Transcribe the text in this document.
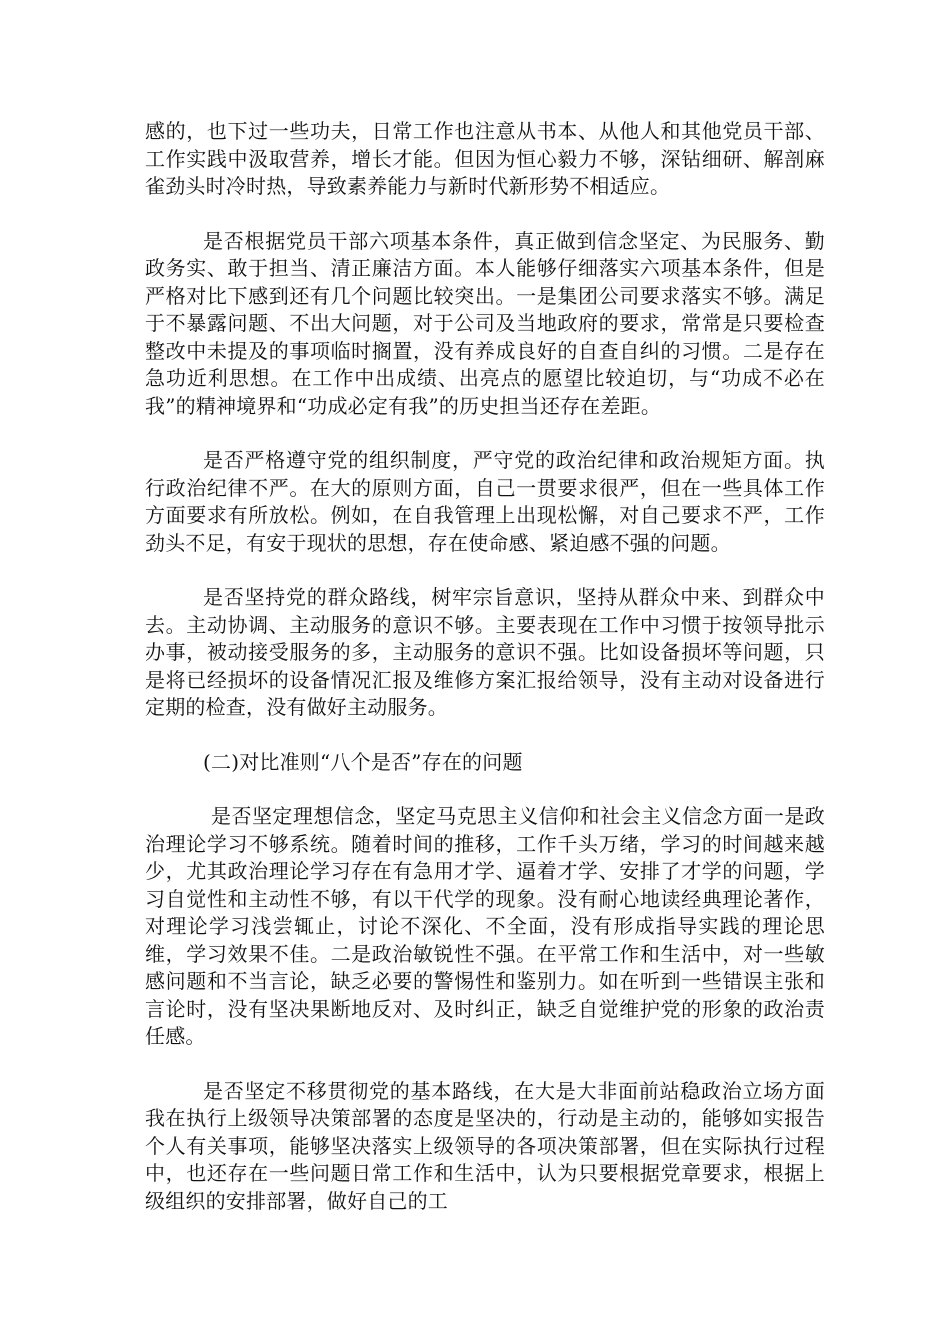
感的，也下过一些功夫，日常工作也注意从书本、从他人和其他党员干部、工作实践中汲取营养，增长才能。但因为恒心毅力不够，深钻细研、解剖麻雀劲头时冷时热，导致素养能力与新时代新形势不相适应。

是否根据党员干部六项基本条件，真正做到信念坚定、为民服务、勤政务实、敢于担当、清正廉洁方面。本人能够仔细落实六项基本条件，但是严格对比下感到还有几个问题比较突出。一是集团公司要求落实不够。满足于不暴露问题、不出大问题，对于公司及当地政府的要求，常常是只要检查整改中未提及的事项临时搁置，没有养成良好的自查自纠的习惯。二是存在急功近利思想。在工作中出成绩、出亮点的愿望比较迫切，与“功成不必在我”的精神境界和“功成必定有我”的历史担当还存在差距。

是否严格遵守党的组织制度，严守党的政治纪律和政治规矩方面。执行政治纪律不严。在大的原则方面，自己一贯要求很严，但在一些具体工作方面要求有所放松。例如，在自我管理上出现松懈，对自己要求不严，工作劲头不足，有安于现状的思想，存在使命感、紧迫感不强的问题。

是否坚持党的群众路线，树牢宗旨意识，坚持从群众中来、到群众中去。主动协调、主动服务的意识不够。主要表现在工作中习惯于按领导批示办事，被动接受服务的多，主动服务的意识不强。比如设备损坏等问题，只是将已经损坏的设备情况汇报及维修方案汇报给领导，没有主动对设备进行定期的检查，没有做好主动服务。

(二)对比准则“八个是否”存在的问题

是否坚定理想信念，坚定马克思主义信仰和社会主义信念方面一是政治理论学习不够系统。随着时间的推移，工作千头万绪，学习的时间越来越少，尤其政治理论学习存在有急用才学、逼着才学、安排了才学的问题，学习自觉性和主动性不够，有以干代学的现象。没有耐心地读经典理论著作，对理论学习浅尝辄止，讨论不深化、不全面，没有形成指导实践的理论思维，学习效果不佳。二是政治敏锐性不强。在平常工作和生活中，对一些敏感问题和不当言论，缺乏必要的警惕性和鉴别力。如在听到一些错误主张和言论时，没有坚决果断地反对、及时纠正，缺乏自觉维护党的形象的政治责任感。

是否坚定不移贯彻党的基本路线，在大是大非面前站稳政治立场方面我在执行上级领导决策部署的态度是坚决的，行动是主动的，能够如实报告个人有关事项，能够坚决落实上级领导的各项决策部署，但在实际执行过程中，也还存在一些问题日常工作和生活中，认为只要根据党章要求，根据上级组织的安排部署，做好自己的工
